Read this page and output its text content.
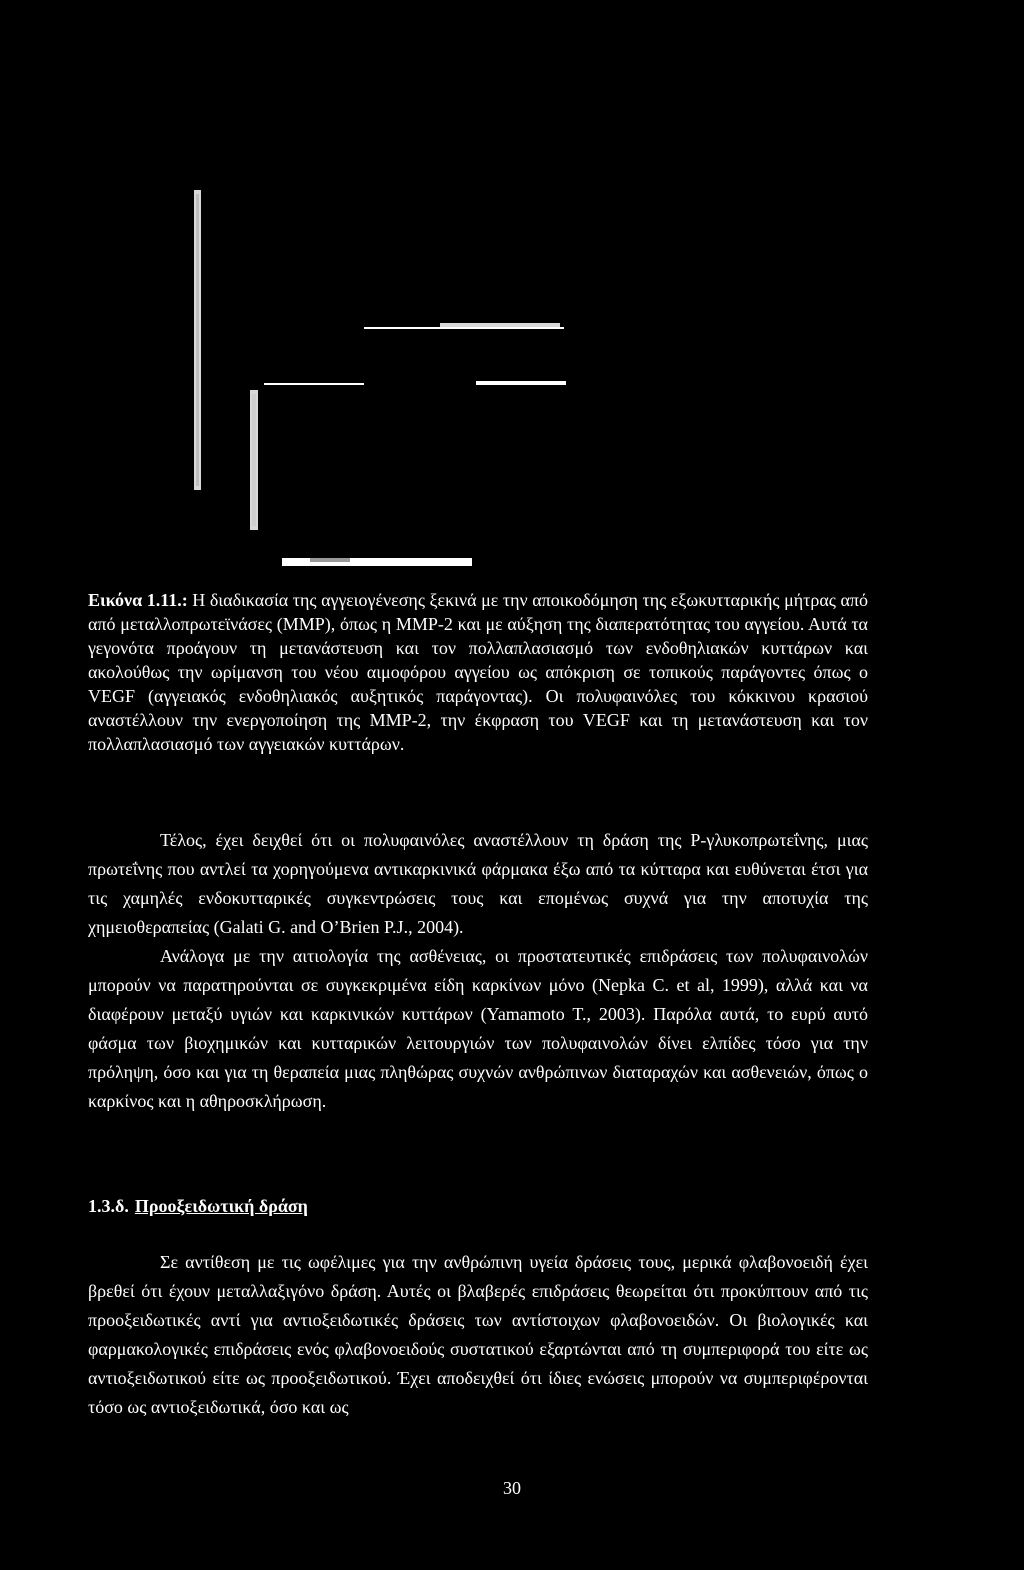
Εικόνα 1.11.: Η διαδικασία της αγγειογένεσης ξεκινά με την αποικοδόμηση της εξωκυτταρικής μήτρας από από μεταλλοπρωτεϊνάσες (MMP), όπως η MMP-2 και με αύξηση της διαπερατότητας του αγγείου. Αυτά τα γεγονότα προάγουν τη μετανάστευση και τον πολλαπλασιασμό των ενδοθηλιακών κυττάρων και ακολούθως την ωρίμανση του νέου αιμοφόρου αγγείου ως απόκριση σε τοπικούς παράγοντες όπως ο VEGF (αγγειακός ενδοθηλιακός αυξητικός παράγοντας). Οι πολυφαινόλες του κόκκινου κρασιού αναστέλλουν την ενεργοποίηση της MMP-2, την έκφραση του VEGF και τη μετανάστευση και τον πολλαπλασιασμό των αγγειακών κυττάρων.

Τέλος, έχει δειχθεί ότι οι πολυφαινόλες αναστέλλουν τη δράση της P-γλυκοπρωτεΐνης, μιας πρωτεΐνης που αντλεί τα χορηγούμενα αντικαρκινικά φάρμακα έξω από τα κύτταρα και ευθύνεται έτσι για τις χαμηλές ενδοκυτταρικές συγκεντρώσεις τους και επομένως συχνά για την αποτυχία της χημειοθεραπείας (Galati G. and O’Brien P.J., 2004).

Ανάλογα με την αιτιολογία της ασθένειας, οι προστατευτικές επιδράσεις των πολυφαινολών μπορούν να παρατηρούνται σε συγκεκριμένα είδη καρκίνων μόνο (Nepka C. et al, 1999), αλλά και να διαφέρουν μεταξύ υγιών και καρκινικών κυττάρων (Yamamoto T., 2003). Παρόλα αυτά, το ευρύ αυτό φάσμα των βιοχημικών και κυτταρικών λειτουργιών των πολυφαινολών δίνει ελπίδες τόσο για την πρόληψη, όσο και για τη θεραπεία μιας πληθώρας συχνών ανθρώπινων διαταραχών και ασθενειών, όπως ο καρκίνος και η αθηροσκλήρωση.

1.3.δ. Προοξειδωτική δράση

Σε αντίθεση με τις ωφέλιμες για την ανθρώπινη υγεία δράσεις τους, μερικά φλαβονοειδή έχει βρεθεί ότι έχουν μεταλλαξιγόνο δράση. Αυτές οι βλαβερές επιδράσεις θεωρείται ότι προκύπτουν από τις προοξειδωτικές αντί για αντιοξειδωτικές δράσεις των αντίστοιχων φλαβονοειδών. Οι βιολογικές και φαρμακολογικές επιδράσεις ενός φλαβονοειδούς συστατικού εξαρτώνται από τη συμπεριφορά του είτε ως αντιοξειδωτικού είτε ως προοξειδωτικού. Έχει αποδειχθεί ότι ίδιες ενώσεις μπορούν να συμπεριφέρονται τόσο ως αντιοξειδωτικά, όσο και ως

30
